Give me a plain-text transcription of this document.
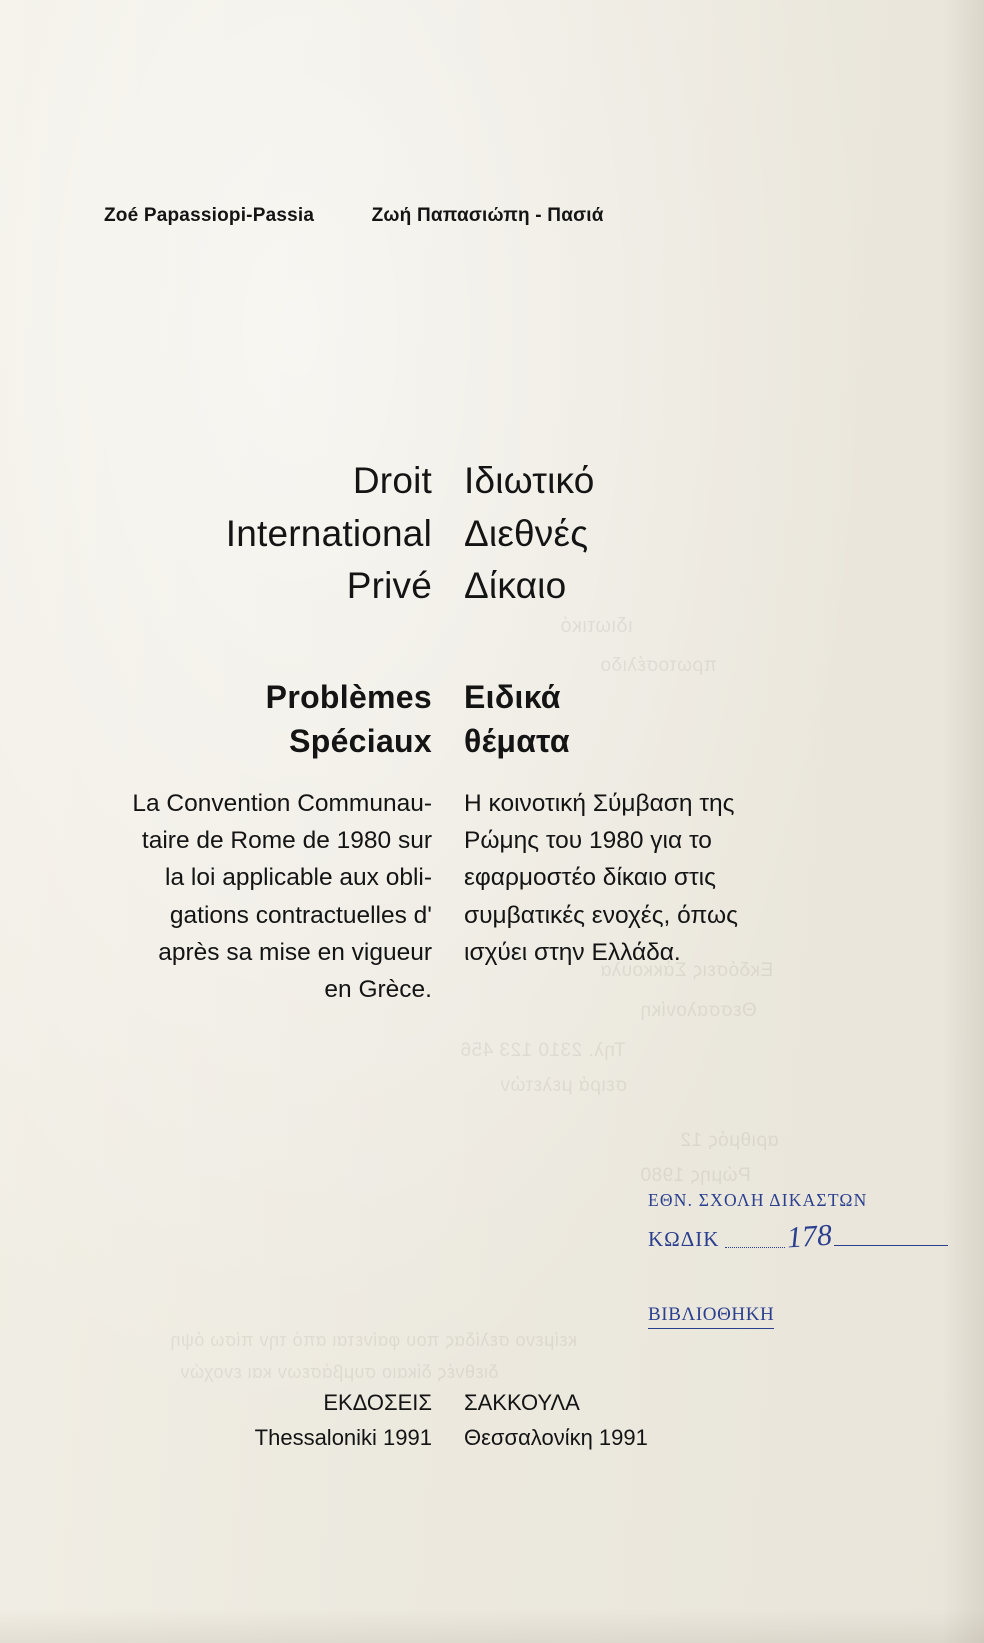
ιδιωτικό
πρωτοσέλιδο
Εκδόσεις Σάκκουλα
Θεσσαλονίκη
Τηλ. 2310 123 456
σειρά μελετών
αριθμός 12
Ρώμης 1980
κείμενο σελίδας που φαίνεται από την πίσω όψη
διεθνές δίκαιο συμβάσεων και ενοχών
Zoé Papassiopi-Passia	Ζωή Παπασιώπη - Πασιά
Droit
International
Privé
Problèmes
Spéciaux
La Convention Communau-
taire de Rome de 1980 sur
la loi applicable aux obli-
gations contractuelles d'
après sa mise en vigueur
en Grèce.
Ιδιωτικό
Διεθνές
Δίκαιο
Ειδικά
θέματα
Η κοινοτική Σύμβαση της
Ρώμης του 1980 για το
εφαρμοστέο δίκαιο στις
συμβατικές ενοχές, όπως
ισχύει στην Ελλάδα.
ΕΘΝ. ΣΧΟΛΗ ΔΙΚΑΣΤΩΝ
ΚΩΔΙΚ 178
ΒΙΒΛΙΟΘΗΚΗ
ΕΚΔΟΣΕΙΣ
Thessaloniki 1991
ΣΑΚΚΟΥΛΑ
Θεσσαλονίκη 1991
